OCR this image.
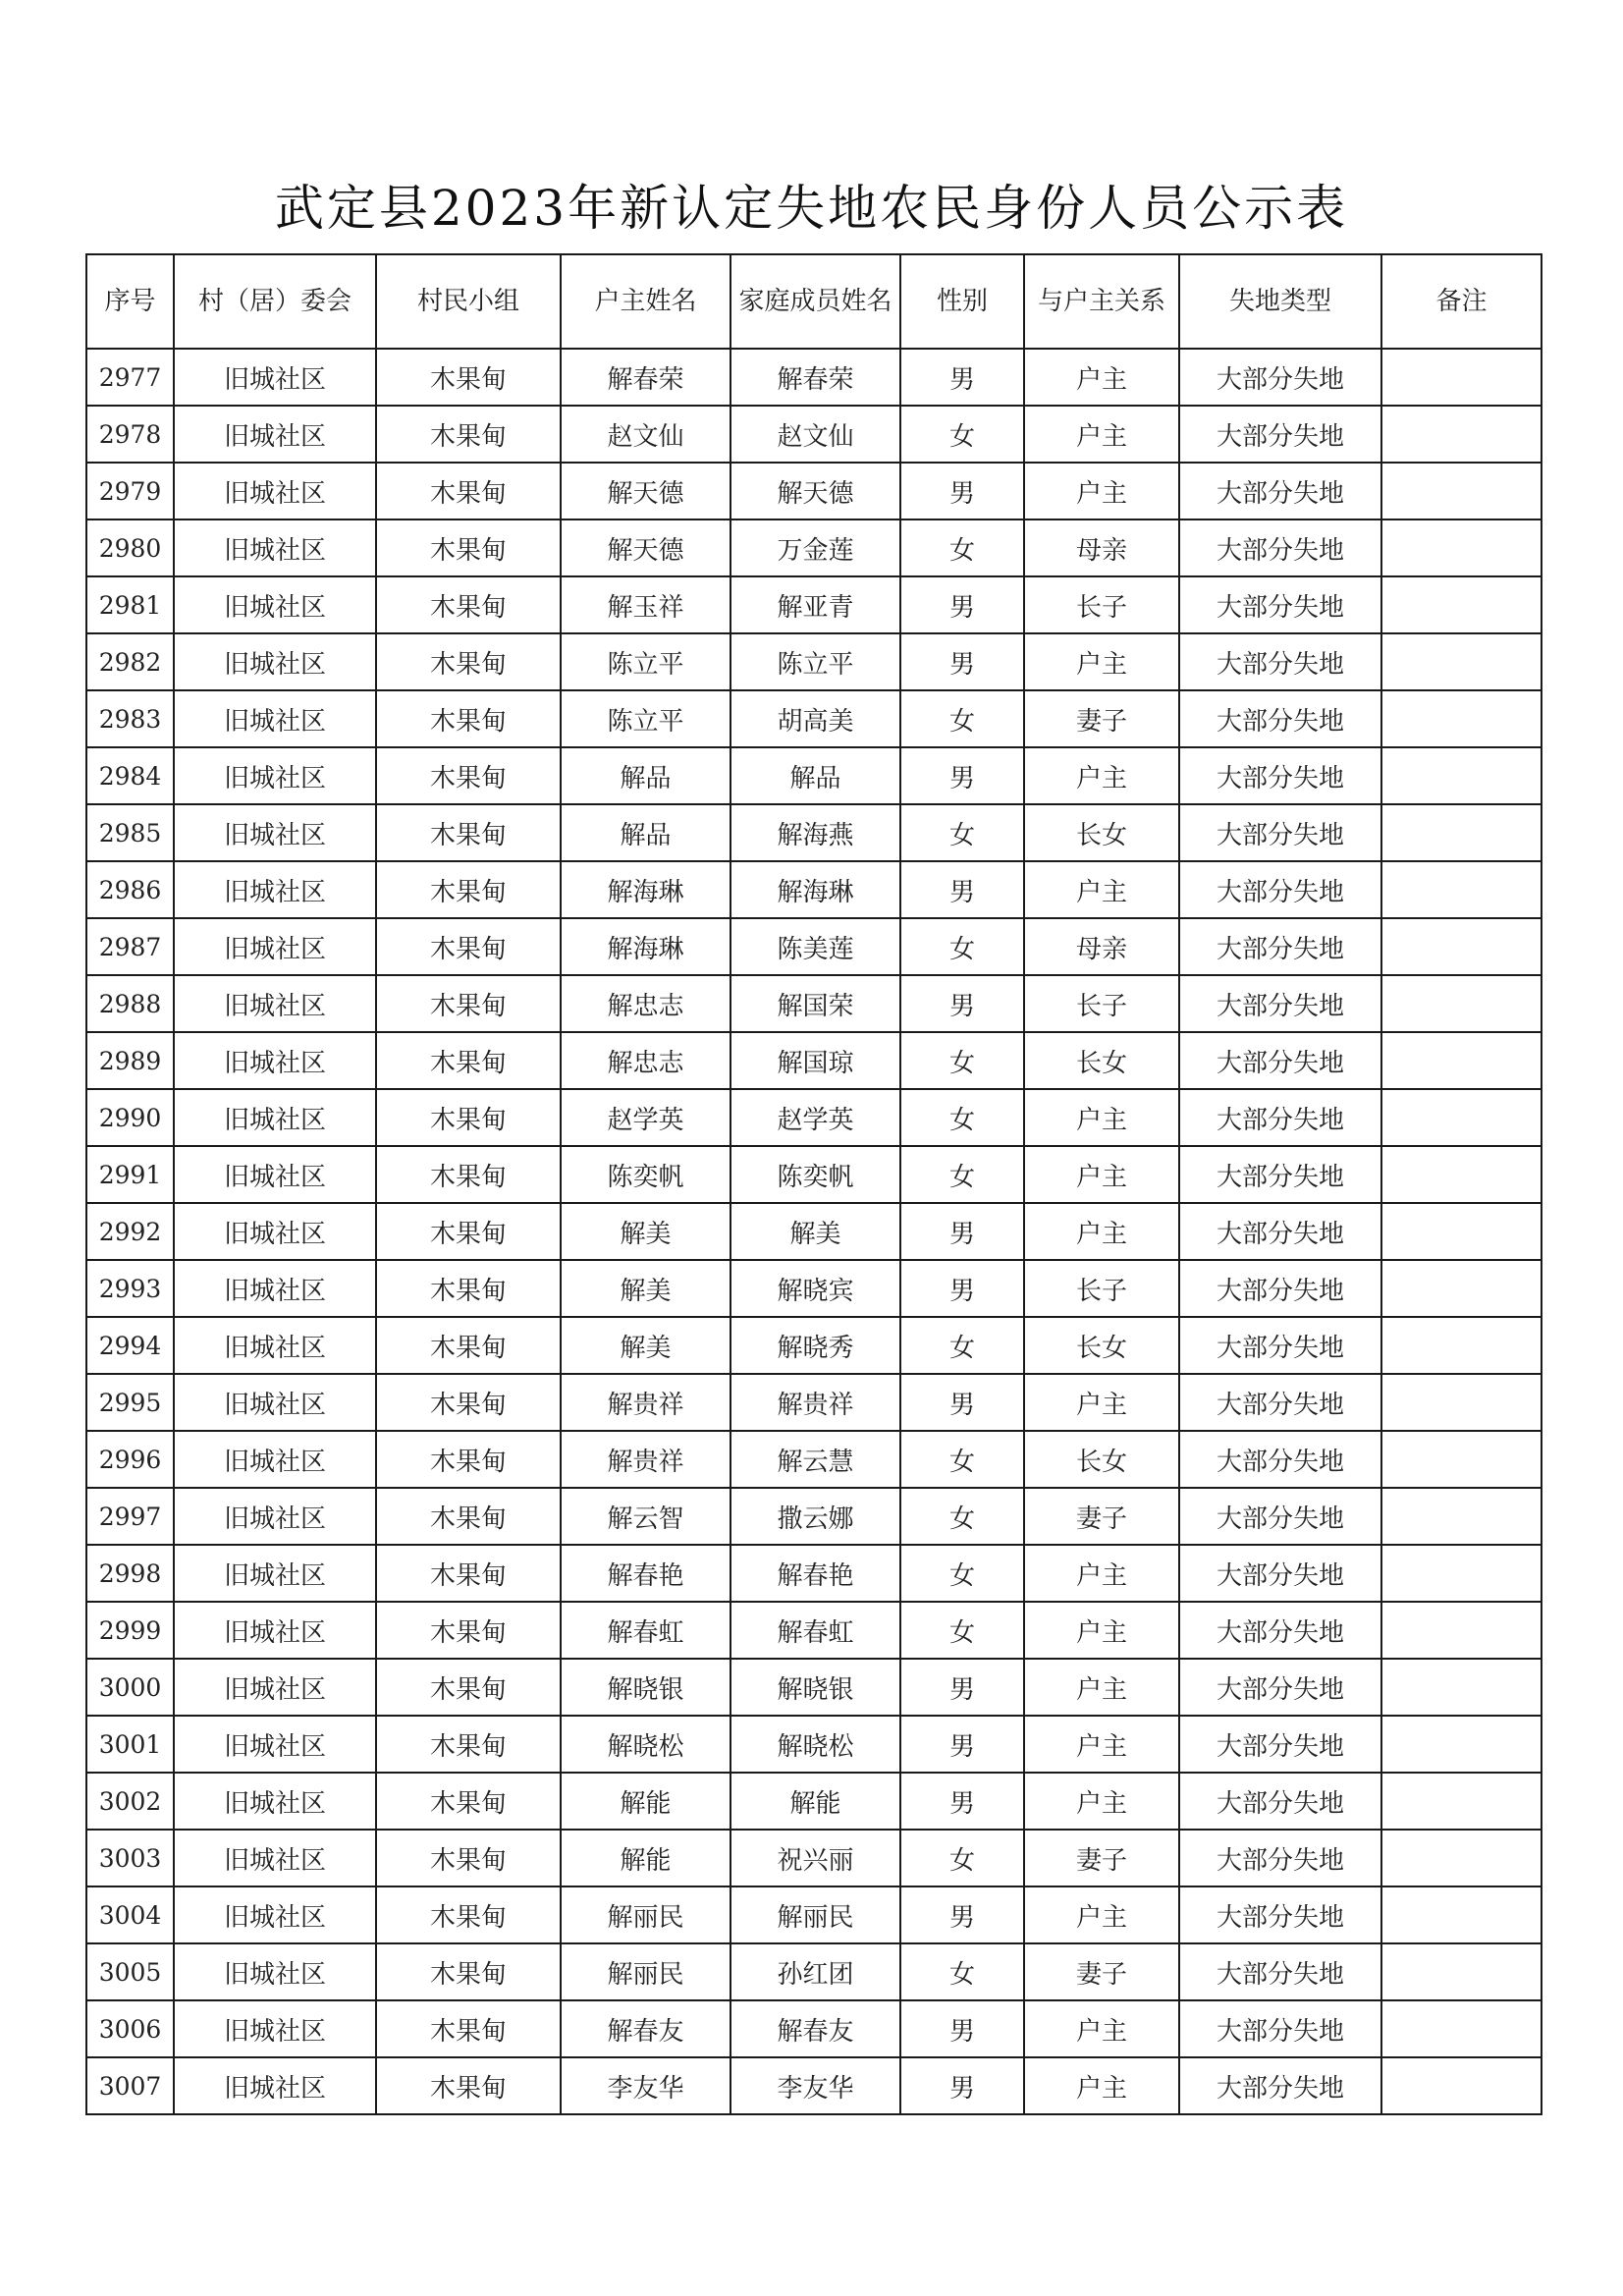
武定县2023年新认定失地农民身份人员公示表
序号	村（居）委会	村民小组	户主姓名	家庭成员姓名	性别	与户主关系	失地类型	备注
2977	旧城社区	木果甸	解春荣	解春荣	男	户主	大部分失地	
2978	旧城社区	木果甸	赵文仙	赵文仙	女	户主	大部分失地	
2979	旧城社区	木果甸	解天德	解天德	男	户主	大部分失地	
2980	旧城社区	木果甸	解天德	万金莲	女	母亲	大部分失地	
2981	旧城社区	木果甸	解玉祥	解亚青	男	长子	大部分失地	
2982	旧城社区	木果甸	陈立平	陈立平	男	户主	大部分失地	
2983	旧城社区	木果甸	陈立平	胡高美	女	妻子	大部分失地	
2984	旧城社区	木果甸	解品	解品	男	户主	大部分失地	
2985	旧城社区	木果甸	解品	解海燕	女	长女	大部分失地	
2986	旧城社区	木果甸	解海琳	解海琳	男	户主	大部分失地	
2987	旧城社区	木果甸	解海琳	陈美莲	女	母亲	大部分失地	
2988	旧城社区	木果甸	解忠志	解国荣	男	长子	大部分失地	
2989	旧城社区	木果甸	解忠志	解国琼	女	长女	大部分失地	
2990	旧城社区	木果甸	赵学英	赵学英	女	户主	大部分失地	
2991	旧城社区	木果甸	陈奕帆	陈奕帆	女	户主	大部分失地	
2992	旧城社区	木果甸	解美	解美	男	户主	大部分失地	
2993	旧城社区	木果甸	解美	解晓宾	男	长子	大部分失地	
2994	旧城社区	木果甸	解美	解晓秀	女	长女	大部分失地	
2995	旧城社区	木果甸	解贵祥	解贵祥	男	户主	大部分失地	
2996	旧城社区	木果甸	解贵祥	解云慧	女	长女	大部分失地	
2997	旧城社区	木果甸	解云智	撒云娜	女	妻子	大部分失地	
2998	旧城社区	木果甸	解春艳	解春艳	女	户主	大部分失地	
2999	旧城社区	木果甸	解春虹	解春虹	女	户主	大部分失地	
3000	旧城社区	木果甸	解晓银	解晓银	男	户主	大部分失地	
3001	旧城社区	木果甸	解晓松	解晓松	男	户主	大部分失地	
3002	旧城社区	木果甸	解能	解能	男	户主	大部分失地	
3003	旧城社区	木果甸	解能	祝兴丽	女	妻子	大部分失地	
3004	旧城社区	木果甸	解丽民	解丽民	男	户主	大部分失地	
3005	旧城社区	木果甸	解丽民	孙红团	女	妻子	大部分失地	
3006	旧城社区	木果甸	解春友	解春友	男	户主	大部分失地	
3007	旧城社区	木果甸	李友华	李友华	男	户主	大部分失地	
